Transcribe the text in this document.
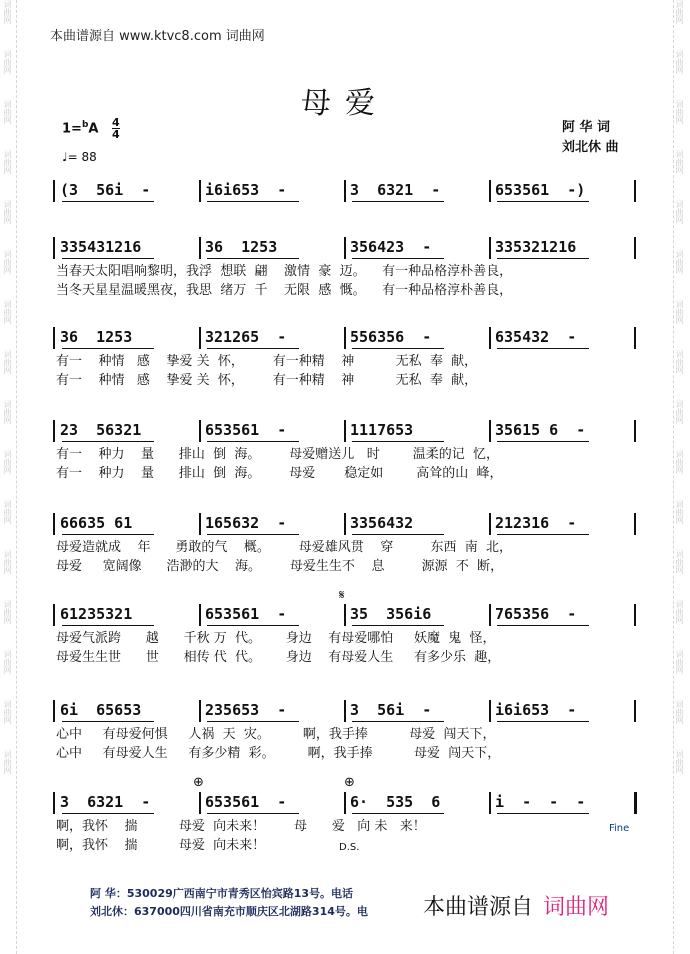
词曲网
词曲网
词曲网
词曲网
词曲网
词曲网
词曲网
词曲网
词曲网
词曲网
词曲网
词曲网
词曲网
词曲网
词曲网
词曲网
词曲网
词曲网
词曲网
词曲网
词曲网
词曲网
词曲网
词曲网
词曲网
词曲网
词曲网
词曲网
词曲网
词曲网
词曲网
词曲网
本曲谱源自 www.ktvc8.com 词曲网
母爱
1=$^b$A 4
4
♩= 88
阿 华 词
刘北休 曲
(3  56i  -	i6i653  -	3  6321  -	653561  -)
335431216	36  1253	356423  -	335321216
当春天太阳唱响黎明，我浮  想联  翩    激情  豪  迈。    有一种品格淳朴善良，
当冬天星星温暖黑夜，我思  绪万  千    无限  感  慨。    有一种品格淳朴善良，
36  1253	321265  -	556356  -	635432  -
有一    种情   感    挚爱 关  怀，       有一种精    神          无私  奉  献，
有一    种情   感    挚爱 关  怀，       有一种精    神          无私  奉  献，
23  56321	653561  -	1117653	35615 6  -
有一    种力    量      排山  倒  海。       母爱赠送儿   时        温柔的记  忆，
有一    种力    量      排山  倒  海。       母爱       稳定如        高耸的山  峰，
66635 61	165632  -	3356432	212316  -
母爱造就成    年      勇敢的气    概。       母爱雄风贯    穿         东西  南  北，
母爱     宽阔像      浩渺的大    海。       母爱生生不    息         源源  不  断，
61235321	653561  -	35  356i6	765356  -
母爱气派跨      越      千秋 万  代。      身边    有母爱哪怕     妖魔  鬼  怪，
母爱生生世      世      相传 代  代。      身边    有母爱人生     有多少乐  趣，
6i  65653	235653  -	3  56i  -	i6i653  -
心中     有母爱何惧     人祸  天  灾。        啊，我手捧          母爱  闯天下，
心中     有母爱人生     有多少精  彩。        啊，我手捧          母爱  闯天下，
3  6321  -	653561  -	6·  535  6	i  -  -  -
啊，我怀    揣          母爱  向未来！       母      爱   向 未   来！
啊，我怀    揣          母爱  向未来！
𝄋
⊕	⊕
Fine
D.S.
阿 华：530029广西南宁市青秀区怡宾路13号。电话
刘北休：637000四川省南充市顺庆区北湖路314号。电	本曲谱源自 词曲网
